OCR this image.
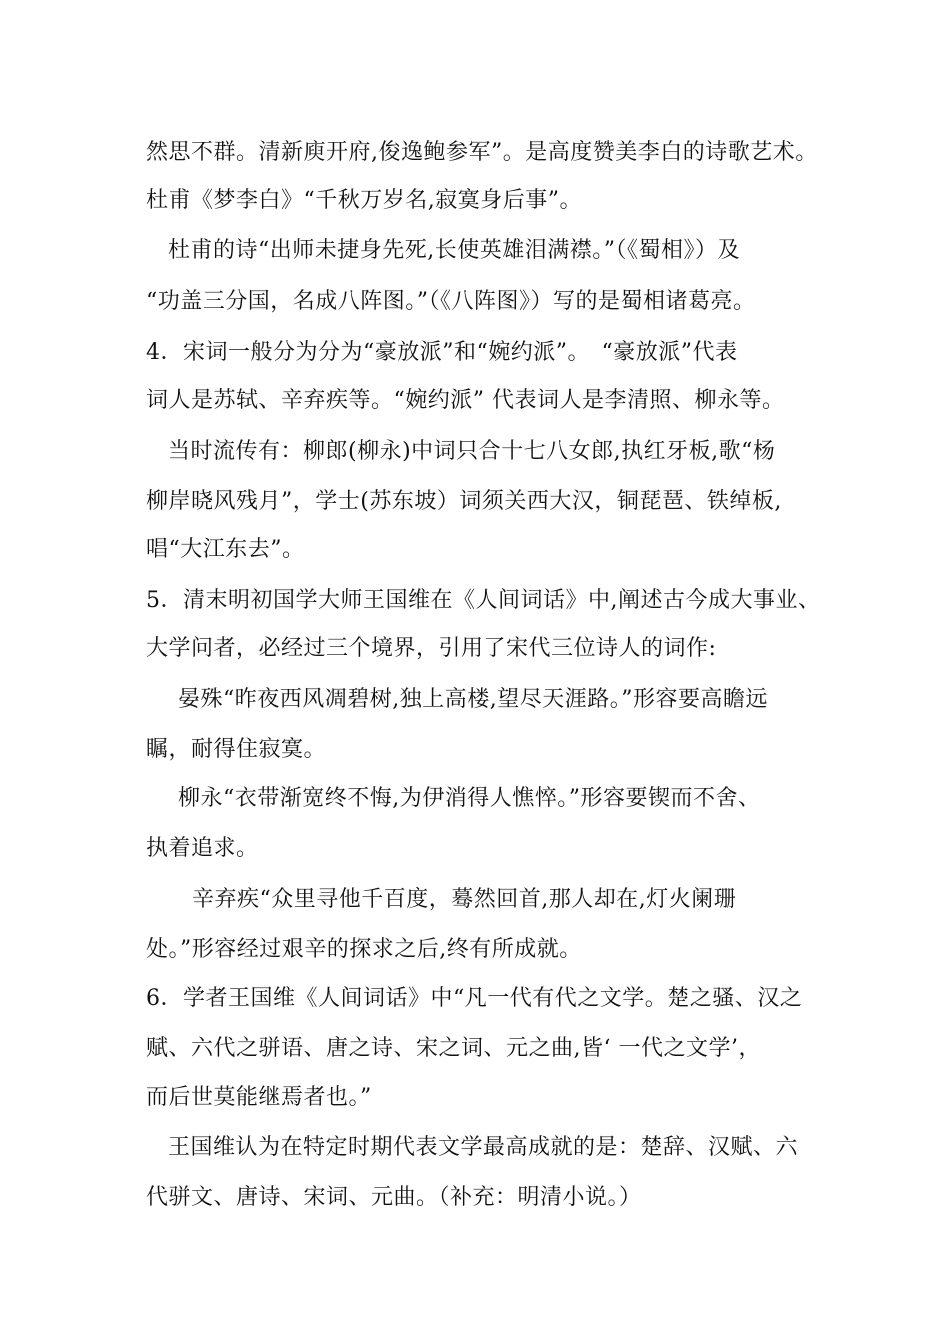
然思不群。清新庾开府,俊逸鲍参军”。是高度赞美李白的诗歌艺术。
杜甫《梦李白》“千秋万岁名,寂寞身后事”。
杜甫的诗“出师未捷身先死,长使英雄泪满襟。”（《蜀相》）及
“功盖三分国，名成八阵图。”（《八阵图》）写的是蜀相诸葛亮。
4．宋词一般分为分为“豪放派”和“婉约派”。　“豪放派”代表
词人是苏轼、辛弃疾等。“婉约派” 代表词人是李清照、柳永等。
当时流传有：柳郎(柳永)中词只合十七八女郎,执红牙板,歌“杨
柳岸晓风残月”，学士(苏东坡）词须关西大汉，铜琵琶、铁绰板,
唱“大江东去”。
5．清末明初国学大师王国维在《人间词话》中,阐述古今成大事业、
大学问者，必经过三个境界，引用了宋代三位诗人的词作:
晏殊“昨夜西风凋碧树,独上高楼,望尽天涯路。”形容要高瞻远
瞩，耐得住寂寞。
柳永“衣带渐宽终不悔,为伊消得人憔悴。”形容要锲而不舍、
执着追求。
辛弃疾“众里寻他千百度，蓦然回首,那人却在,灯火阑珊
处。”形容经过艰辛的探求之后,终有所成就。
6．学者王国维《人间词话》中“凡一代有代之文学。楚之骚、汉之
赋、六代之骈语、唐之诗、宋之词、元之曲,皆‘ 一代之文学’，
而后世莫能继焉者也。”
王国维认为在特定时期代表文学最高成就的是：楚辞、汉赋、六
代骈文、唐诗、宋词、元曲。（补充：明清小说。）
